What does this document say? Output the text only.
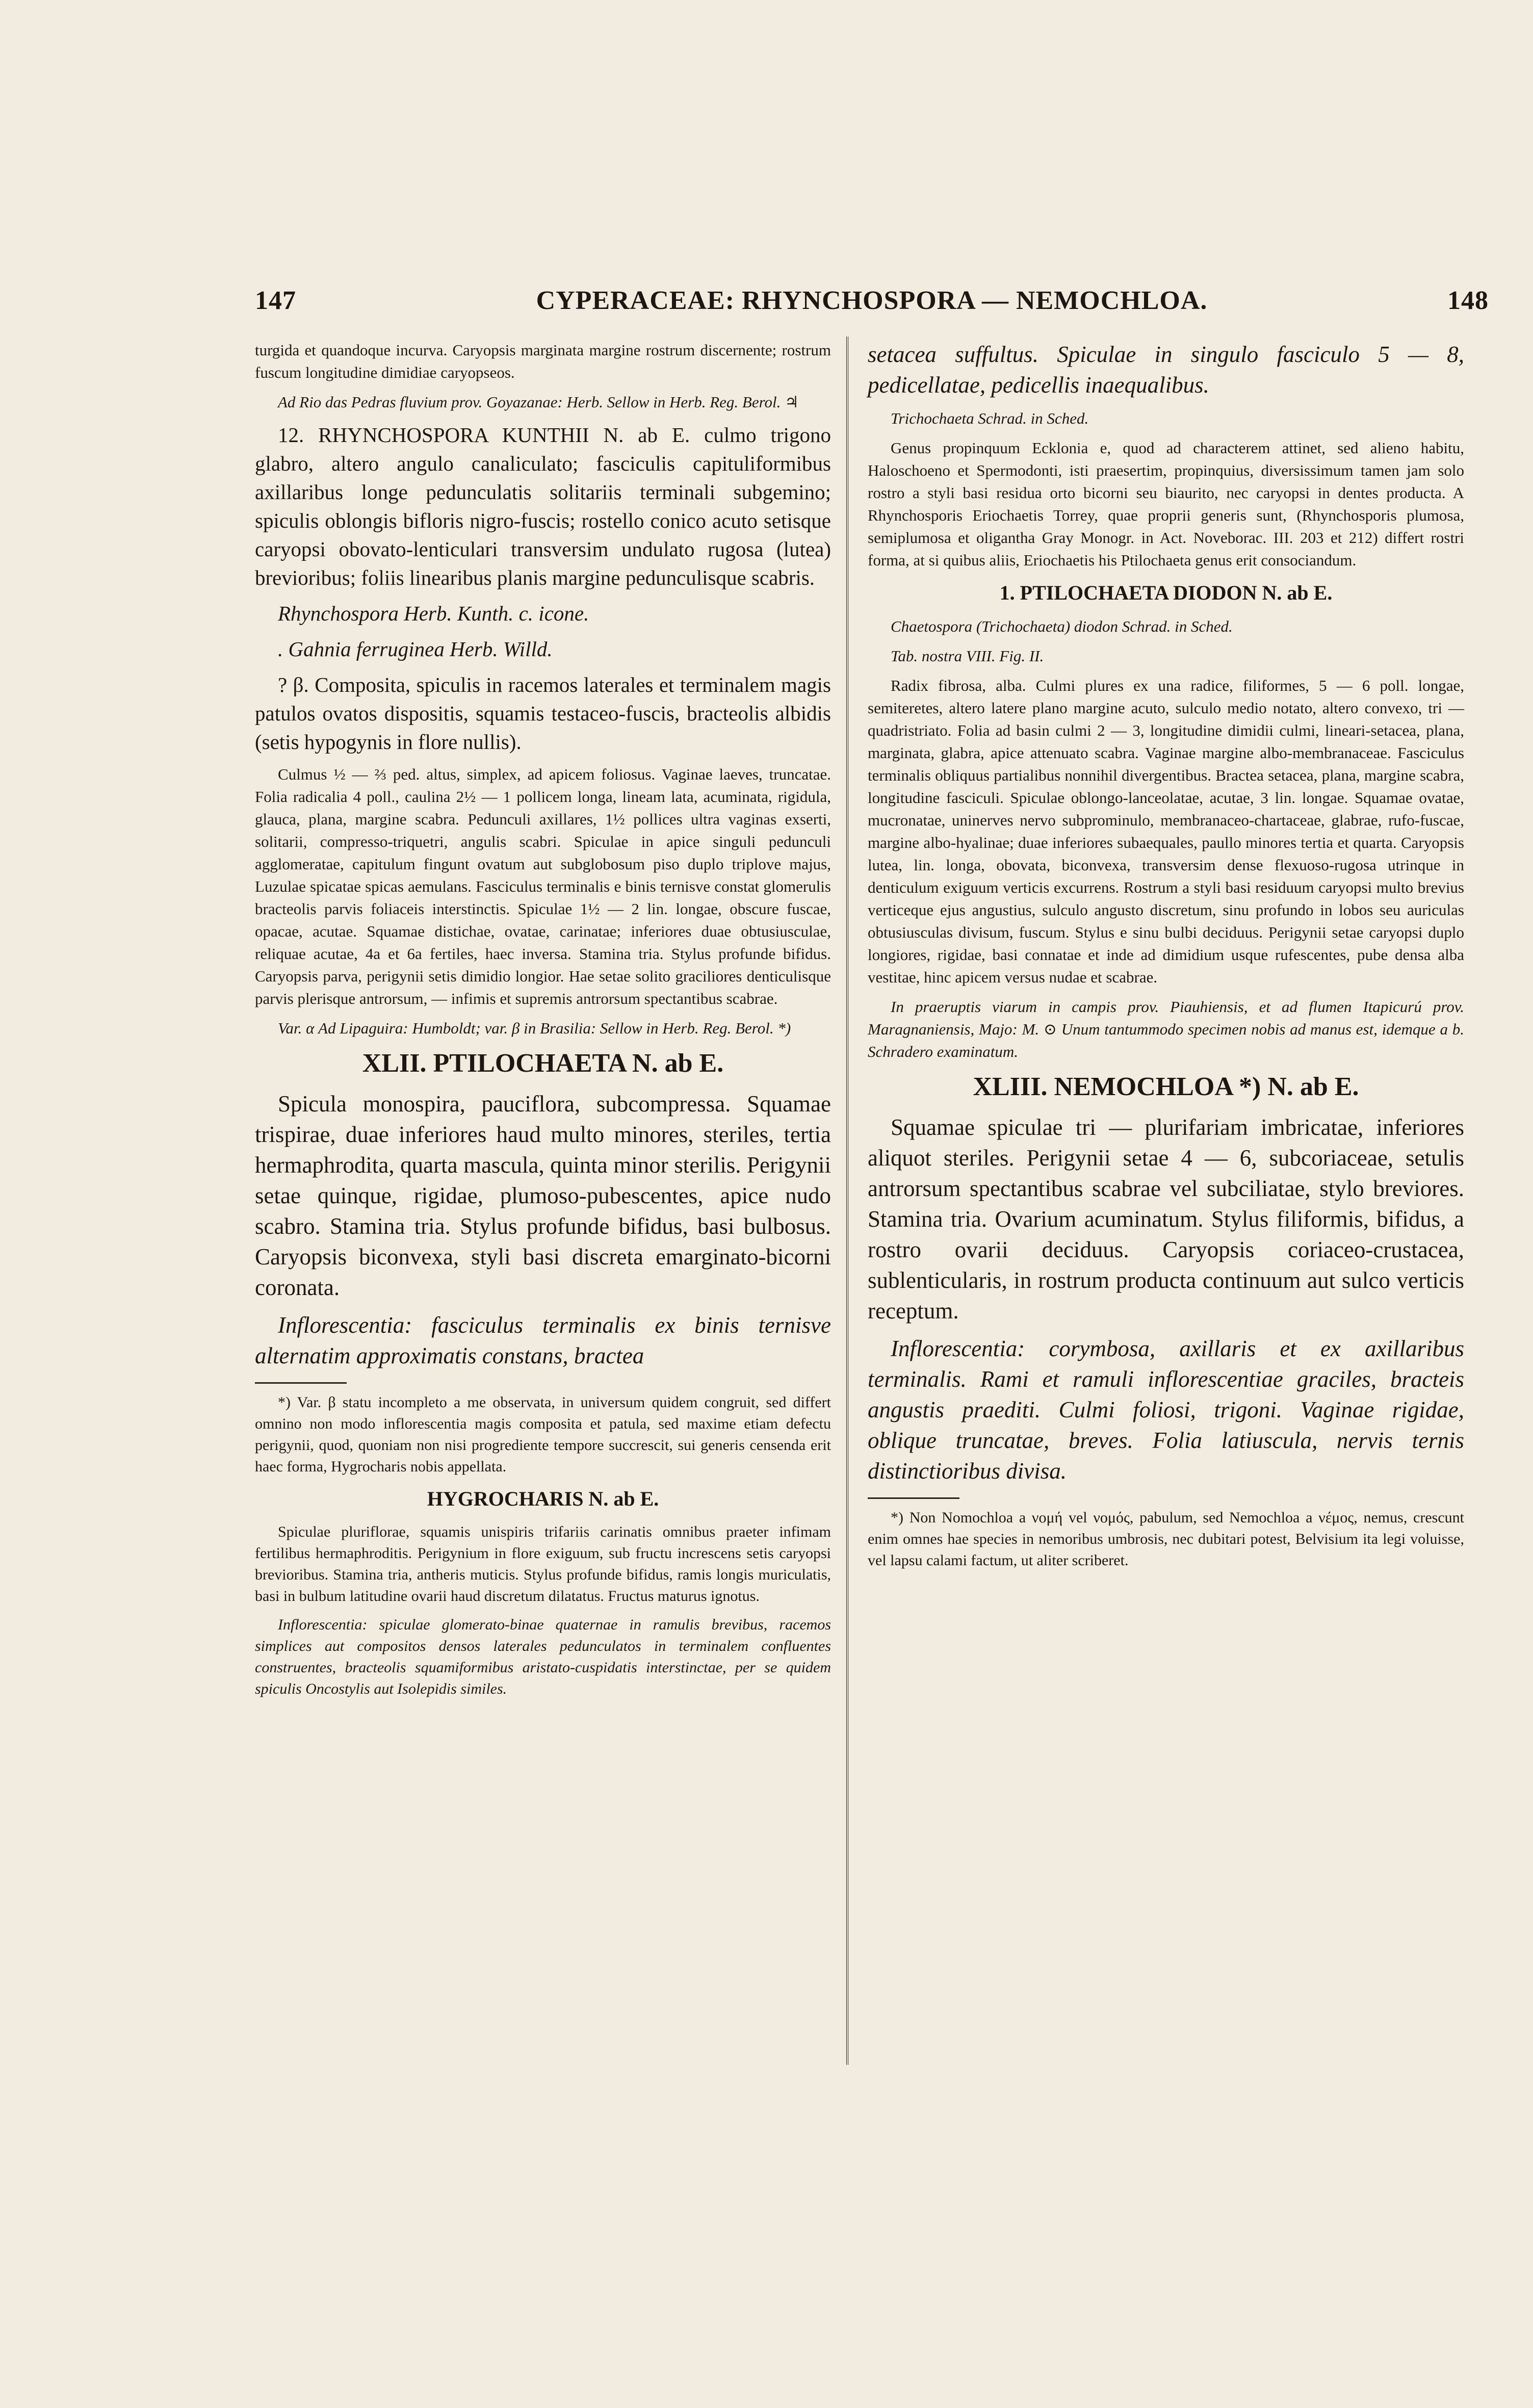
147	CYPERACEAE: RHYNCHOSPORA — NEMOCHLOA.	148

turgida et quandoque incurva. Caryopsis marginata margine rostrum discernente; rostrum fuscum longitudine dimidiae caryopseos.

Ad Rio das Pedras fluvium prov. Goyazanae: Herb. Sellow in Herb. Reg. Berol. ♃

12. RHYNCHOSPORA KUNTHII N. ab E. culmo trigono glabro, altero angulo canaliculato; fasciculis capituliformibus axillaribus longe pedunculatis solitariis terminali subgemino; spiculis oblongis bifloris nigro-fuscis; rostello conico acuto setisque caryopsi obovato-lenticulari transversim undulato rugosa (lutea) brevioribus; foliis linearibus planis margine pedunculisque scabris.

Rhynchospora Herb. Kunth. c. icone.

. Gahnia ferruginea Herb. Willd.

? β. Composita, spiculis in racemos laterales et terminalem magis patulos ovatos dispositis, squamis testaceo-fuscis, bracteolis albidis (setis hypogynis in flore nullis).

Culmus ½ — ⅔ ped. altus, simplex, ad apicem foliosus. Vaginae laeves, truncatae. Folia radicalia 4 poll., caulina 2½ — 1 pollicem longa, lineam lata, acuminata, rigidula, glauca, plana, margine scabra. Pedunculi axillares, 1½ pollices ultra vaginas exserti, solitarii, compresso-triquetri, angulis scabri. Spiculae in apice singuli pedunculi agglomeratae, capitulum fingunt ovatum aut subglobosum piso duplo triplove majus, Luzulae spicatae spicas aemulans. Fasciculus terminalis e binis ternisve constat glomerulis bracteolis parvis foliaceis interstinctis. Spiculae 1½ — 2 lin. longae, obscure fuscae, opacae, acutae. Squamae distichae, ovatae, carinatae; inferiores duae obtusiusculae, reliquae acutae, 4a et 6a fertiles, haec inversa. Stamina tria. Stylus profunde bifidus. Caryopsis parva, perigynii setis dimidio longior. Hae setae solito graciliores denticulisque parvis plerisque antrorsum, — infimis et supremis antrorsum spectantibus scabrae.

Var. α Ad Lipaguira: Humboldt; var. β in Brasilia: Sellow in Herb. Reg. Berol. *)

XLII. PTILOCHAETA N. ab E.

Spicula monospira, pauciflora, subcompressa. Squamae trispirae, duae inferiores haud multo minores, steriles, tertia hermaphrodita, quarta mascula, quinta minor sterilis. Perigynii setae quinque, rigidae, plumoso-pubescentes, apice nudo scabro. Stamina tria. Stylus profunde bifidus, basi bulbosus. Caryopsis biconvexa, styli basi discreta emarginato-bicorni coronata.

Inflorescentia: fasciculus terminalis ex binis ternisve alternatim approximatis constans, bractea

*) Var. β statu incompleto a me observata, in universum quidem congruit, sed differt omnino non modo inflorescentia magis composita et patula, sed maxime etiam defectu perigynii, quod, quoniam non nisi progrediente tempore succrescit, sui generis censenda erit haec forma, Hygrocharis nobis appellata.

HYGROCHARIS N. ab E.

Spiculae pluriflorae, squamis unispiris trifariis carinatis omnibus praeter infimam fertilibus hermaphroditis. Perigynium in flore exiguum, sub fructu increscens setis caryopsi brevioribus. Stamina tria, antheris muticis. Stylus profunde bifidus, ramis longis muriculatis, basi in bulbum latitudine ovarii haud discretum dilatatus. Fructus maturus ignotus.

Inflorescentia: spiculae glomerato-binae quaternae in ramulis brevibus, racemos simplices aut compositos densos laterales pedunculatos in terminalem confluentes construentes, bracteolis squamiformibus aristato-cuspidatis interstinctae, per se quidem spiculis Oncostylis aut Isolepidis similes.

setacea suffultus. Spiculae in singulo fasciculo 5 — 8, pedicellatae, pedicellis inaequalibus.

Trichochaeta Schrad. in Sched.

Genus propinquum Ecklonia e, quod ad characterem attinet, sed alieno habitu, Haloschoeno et Spermodonti, isti praesertim, propinquius, diversissimum tamen jam solo rostro a styli basi residua orto bicorni seu biaurito, nec caryopsi in dentes producta. A Rhynchosporis Eriochaetis Torrey, quae proprii generis sunt, (Rhynchosporis plumosa, semiplumosa et oligantha Gray Monogr. in Act. Noveborac. III. 203 et 212) differt rostri forma, at si quibus aliis, Eriochaetis his Ptilochaeta genus erit consociandum.

1. PTILOCHAETA DIODON N. ab E.

Chaetospora (Trichochaeta) diodon Schrad. in Sched.

Tab. nostra VIII. Fig. II.

Radix fibrosa, alba. Culmi plures ex una radice, filiformes, 5 — 6 poll. longae, semiteretes, altero latere plano margine acuto, sulculo medio notato, altero convexo, tri — quadristriato. Folia ad basin culmi 2 — 3, longitudine dimidii culmi, lineari-setacea, plana, marginata, glabra, apice attenuato scabra. Vaginae margine albo-membranaceae. Fasciculus terminalis obliquus partialibus nonnihil divergentibus. Bractea setacea, plana, margine scabra, longitudine fasciculi. Spiculae oblongo-lanceolatae, acutae, 3 lin. longae. Squamae ovatae, mucronatae, uninerves nervo subprominulo, membranaceo-chartaceae, glabrae, rufo-fuscae, margine albo-hyalinae; duae inferiores subaequales, paullo minores tertia et quarta. Caryopsis lutea, lin. longa, obovata, biconvexa, transversim dense flexuoso-rugosa utrinque in denticulum exiguum verticis excurrens. Rostrum a styli basi residuum caryopsi multo brevius verticeque ejus angustius, sulculo angusto discretum, sinu profundo in lobos seu auriculas obtusiusculas divisum, fuscum. Stylus e sinu bulbi deciduus. Perigynii setae caryopsi duplo longiores, rigidae, basi connatae et inde ad dimidium usque rufescentes, pube densa alba vestitae, hinc apicem versus nudae et scabrae.

In praeruptis viarum in campis prov. Piauhiensis, et ad flumen Itapicurú prov. Maragnaniensis, Majo: M. ⊙ Unum tantummodo specimen nobis ad manus est, idemque a b. Schradero examinatum.

XLIII. NEMOCHLOA *) N. ab E.

Squamae spiculae tri — plurifariam imbricatae, inferiores aliquot steriles. Perigynii setae 4 — 6, subcoriaceae, setulis antrorsum spectantibus scabrae vel subciliatae, stylo breviores. Stamina tria. Ovarium acuminatum. Stylus filiformis, bifidus, a rostro ovarii deciduus. Caryopsis coriaceo-crustacea, sublenticularis, in rostrum producta continuum aut sulco verticis receptum.

Inflorescentia: corymbosa, axillaris et ex axillaribus terminalis. Rami et ramuli inflorescentiae graciles, bracteis angustis praediti. Culmi foliosi, trigoni. Vaginae rigidae, oblique truncatae, breves. Folia latiuscula, nervis ternis distinctioribus divisa.

*) Non Nomochloa a νομή vel νομός, pabulum, sed Nemochloa a νέμος, nemus, crescunt enim omnes hae species in nemoribus umbrosis, nec dubitari potest, Belvisium ita legi voluisse, vel lapsu calami factum, ut aliter scriberet.
